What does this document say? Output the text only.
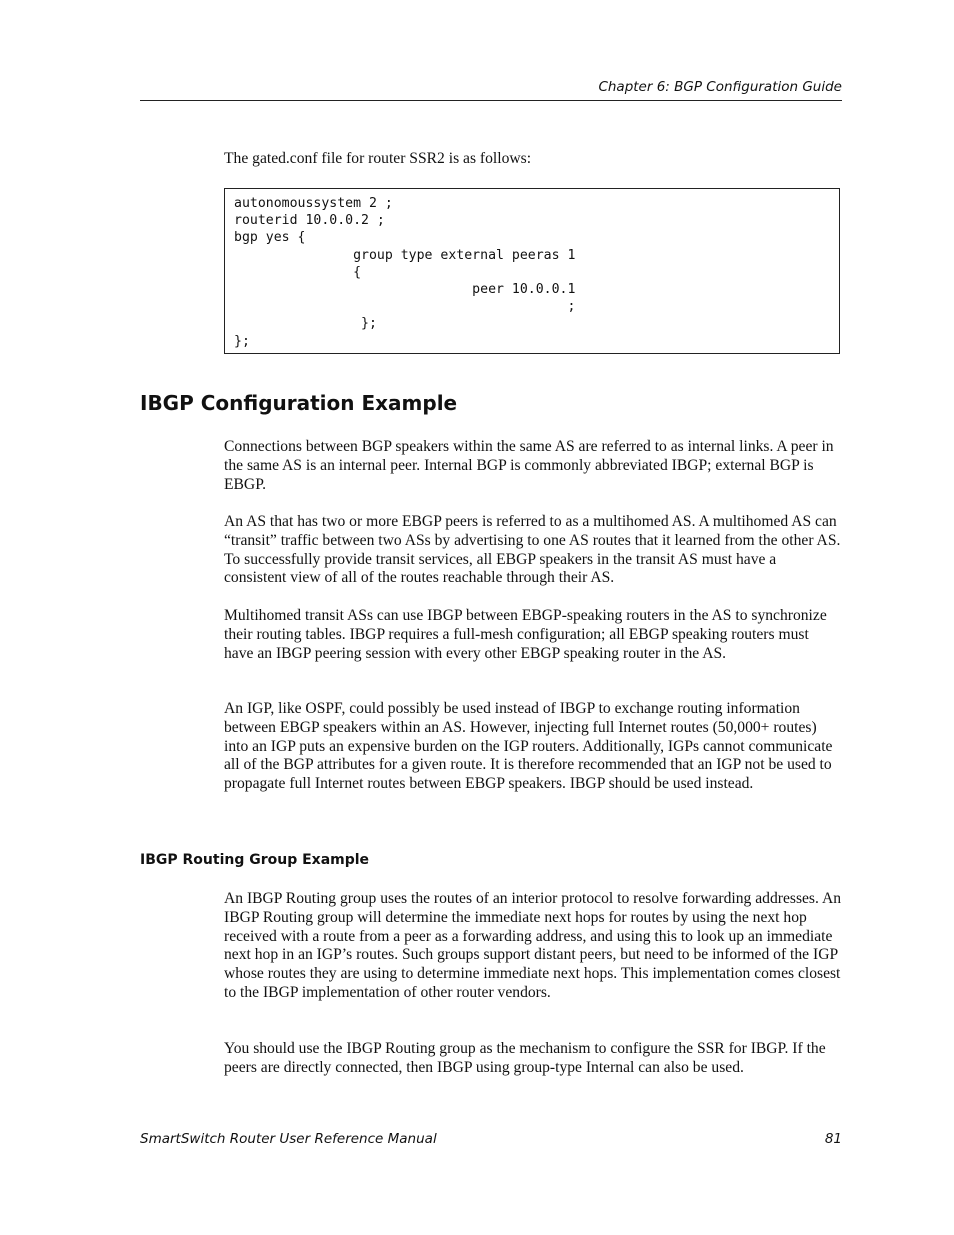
Chapter 6: BGP Configuration Guide
The gated.conf file for router SSR2 is as follows:
autonomoussystem 2 ;
routerid 10.0.0.2 ;
bgp yes {
group type external peeras 1
{
peer 10.0.0.1
;
};
};
IBGP Configuration Example
Connections between BGP speakers within the same AS are referred to as internal links. A peer in the same AS is an internal peer. Internal BGP is commonly abbreviated IBGP; external BGP is EBGP.
An AS that has two or more EBGP peers is referred to as a multihomed AS. A multihomed AS can “transit” traffic between two ASs by advertising to one AS routes that it learned from the other AS. To successfully provide transit services, all EBGP speakers in the transit AS must have a consistent view of all of the routes reachable through their AS.
Multihomed transit ASs can use IBGP between EBGP-speaking routers in the AS to synchronize their routing tables. IBGP requires a full-mesh configuration; all EBGP speaking routers must have an IBGP peering session with every other EBGP speaking router in the AS.
An IGP, like OSPF, could possibly be used instead of IBGP to exchange routing information between EBGP speakers within an AS. However, injecting full Internet routes (50,000+ routes) into an IGP puts an expensive burden on the IGP routers. Additionally, IGPs cannot communicate all of the BGP attributes for a given route. It is therefore recommended that an IGP not be used to propagate full Internet routes between EBGP speakers. IBGP should be used instead.
IBGP Routing Group Example
An IBGP Routing group uses the routes of an interior protocol to resolve forwarding addresses. An IBGP Routing group will determine the immediate next hops for routes by using the next hop received with a route from a peer as a forwarding address, and using this to look up an immediate next hop in an IGP’s routes. Such groups support distant peers, but need to be informed of the IGP whose routes they are using to determine immediate next hops. This implementation comes closest to the IBGP implementation of other router vendors.
You should use the IBGP Routing group as the mechanism to configure the SSR for IBGP. If the peers are directly connected, then IBGP using group-type Internal can also be used.
SmartSwitch Router User Reference Manual	81
